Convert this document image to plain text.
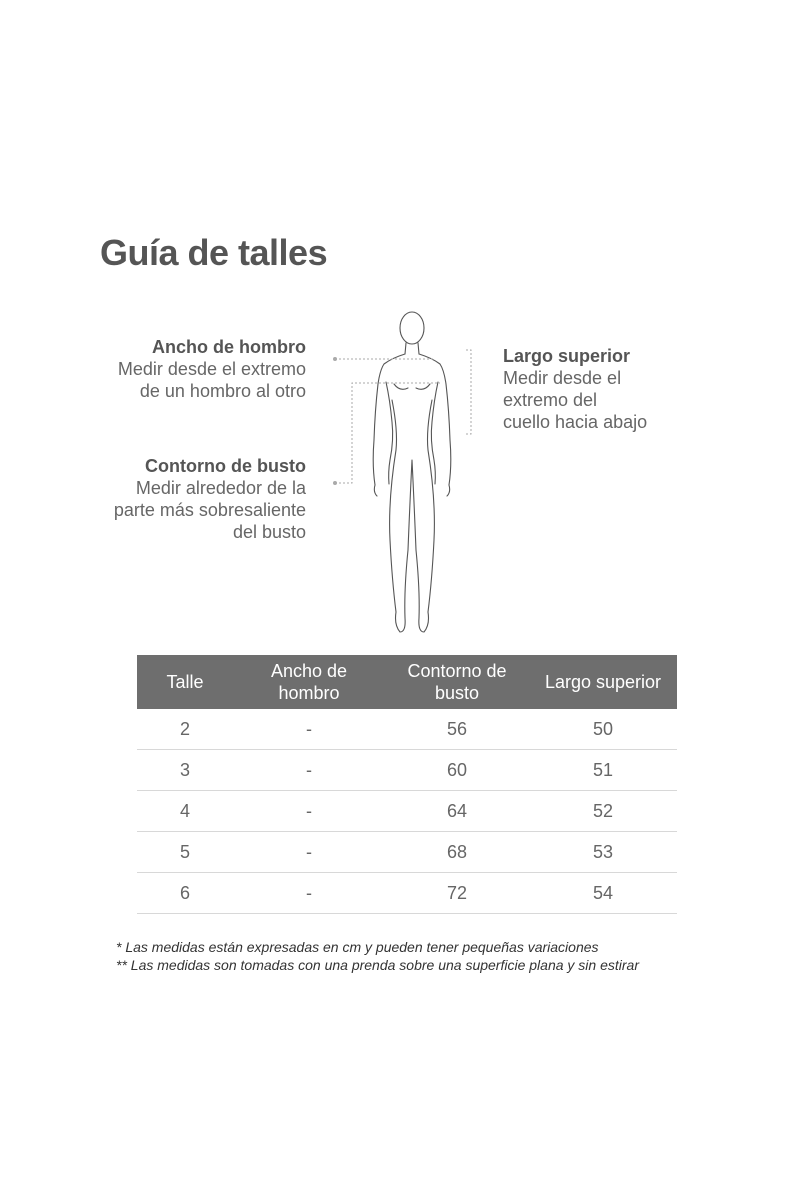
Guía de talles
Ancho de hombro
Medir desde el extremo
de un hombro al otro
Contorno de busto
Medir alrededor de la
parte más sobresaliente
del busto
Largo superior
Medir desde el
extremo del
cuello hacia abajo
Talle	Ancho de hombro	Contorno de busto	Largo superior
2	-	56	50
3	-	60	51
4	-	64	52
5	-	68	53
6	-	72	54
* Las medidas están expresadas en cm y pueden tener pequeñas variaciones
** Las medidas son tomadas con una prenda sobre una superficie plana y sin estirar
